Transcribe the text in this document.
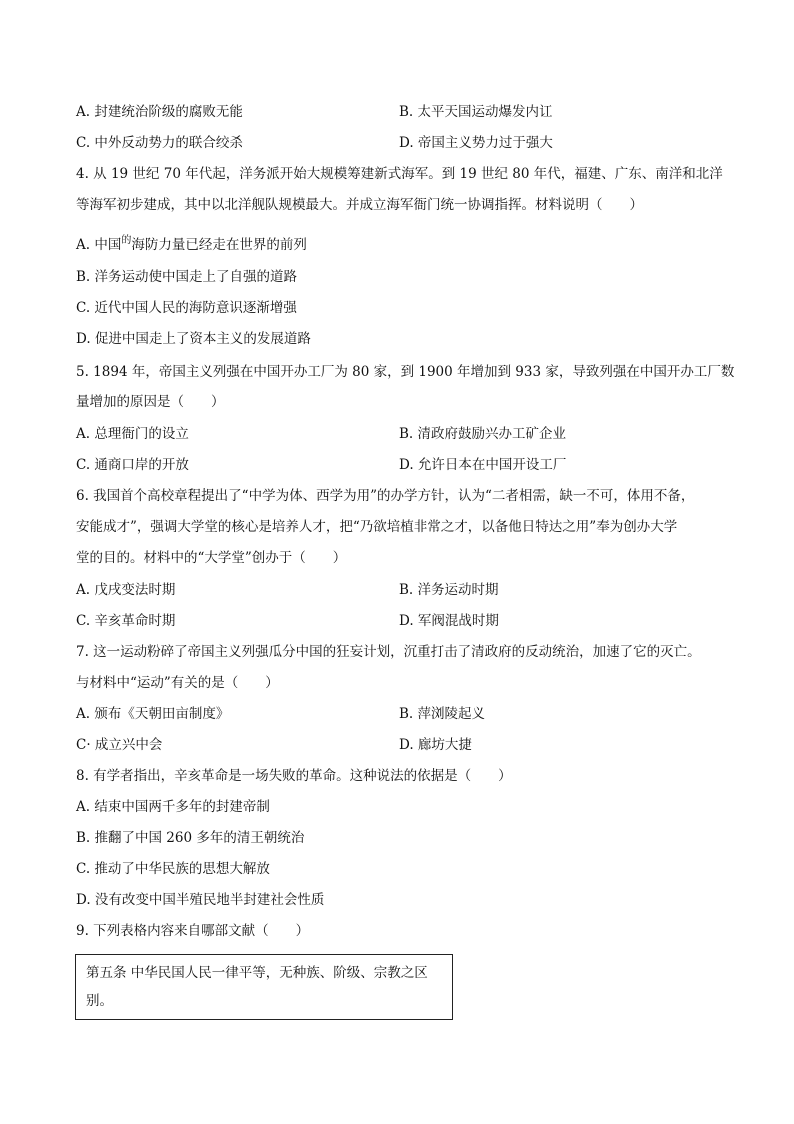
A. 封建统治阶级的腐败无能	B. 太平天国运动爆发内讧
C. 中外反动势力的联合绞杀	D. 帝国主义势力过于强大
4. 从 19 世纪 70 年代起，洋务派开始大规模筹建新式海军。到 19 世纪 80 年代，福建、广东、南洋和北洋
等海军初步建成，其中以北洋舰队规模最大。并成立海军衙门统一协调指挥。材料说明（　　）
A. 中国$^的$海防力量已经走在世界的前列
B. 洋务运动使中国走上了自强的道路
C. 近代中国人民的海防意识逐渐增强
D. 促进中国走上了资本主义的发展道路
5. 1894 年，帝国主义列强在中国开办工厂为 80 家，到 1900 年增加到 933 家，导致列强在中国开办工厂数
量增加的原因是（　　）
A. 总理衙门的设立	B. 清政府鼓励兴办工矿企业
C. 通商口岸的开放	D. 允许日本在中国开设工厂
6. 我国首个高校章程提出了“中学为体、西学为用”的办学方针，认为“二者相需，缺一不可，体用不备，
安能成才”，强调大学堂的核心是培养人才，把“乃欲培植非常之才，以备他日特达之用”奉为创办大学
堂的目的。材料中的“大学堂”创办于（　　）
A. 戊戌变法时期	B. 洋务运动时期
C. 辛亥革命时期	D. 军阀混战时期
7. 这一运动粉碎了帝国主义列强瓜分中国的狂妄计划，沉重打击了清政府的反动统治，加速了它的灭亡。
与材料中“运动”有关的是（　　）
A. 颁布《天朝田亩制度》	B. 萍浏陵起义
C· 成立兴中会	D. 廊坊大捷
8. 有学者指出，辛亥革命是一场失败的革命。这种说法的依据是（　　）
A. 结束中国两千多年的封建帝制
B. 推翻了中国 260 多年的清王朝统治
C. 推动了中华民族的思想大解放
D. 没有改变中国半殖民地半封建社会性质
9. 下列表格内容来自哪部文献（　　）
第五条 中华民国人民一律平等，无种族、阶级、宗教之区
别。
